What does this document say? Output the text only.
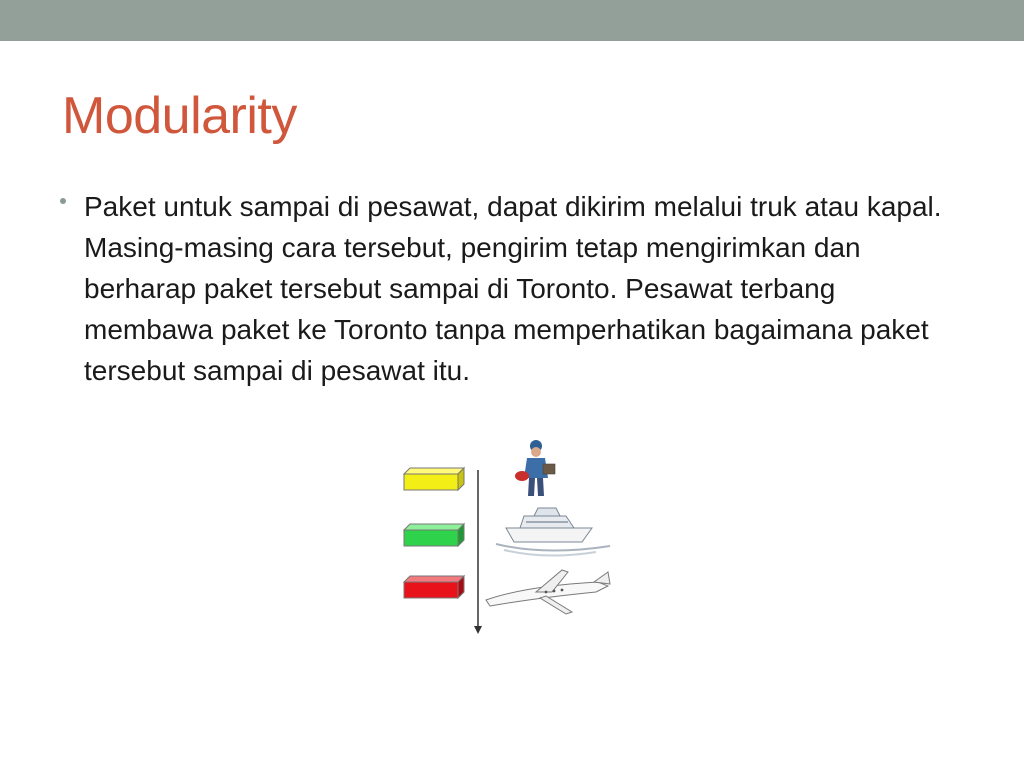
Modularity

Paket untuk sampai di pesawat, dapat dikirim melalui truk atau kapal. Masing-masing cara tersebut, pengirim tetap mengirimkan dan berharap paket tersebut sampai di Toronto. Pesawat terbang membawa paket ke Toronto tanpa memperhatikan bagaimana paket tersebut sampai di pesawat itu.
